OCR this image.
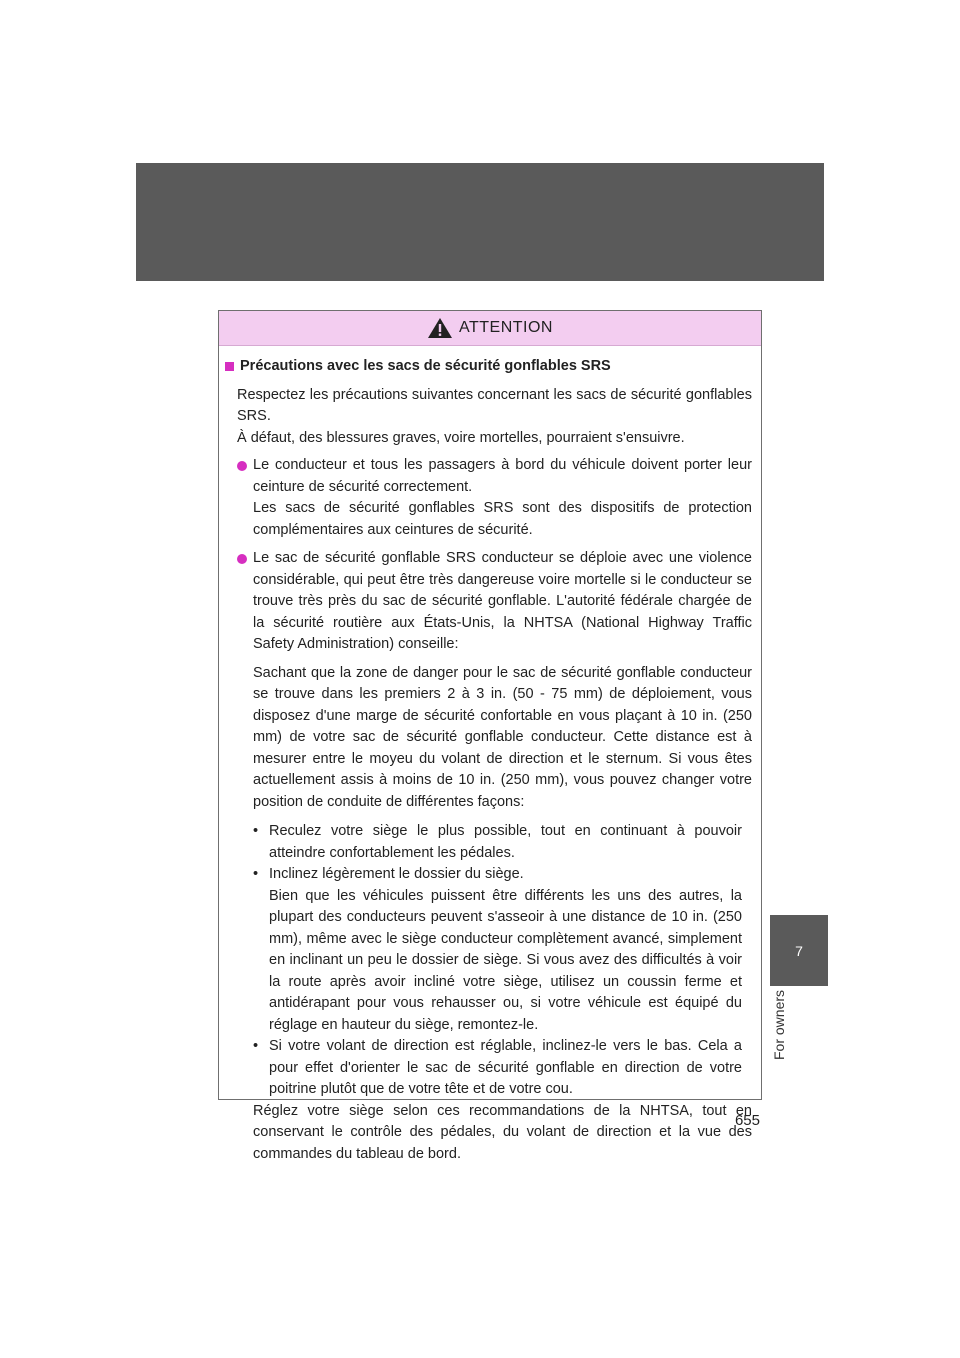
ATTENTION
Précautions avec les sacs de sécurité gonflables SRS

Respectez les précautions suivantes concernant les sacs de sécurité gonflables SRS.

À défaut, des blessures graves, voire mortelles, pourraient s'ensuivre.

Le conducteur et tous les passagers à bord du véhicule doivent porter leur ceinture de sécurité correctement.

Les sacs de sécurité gonflables SRS sont des dispositifs de protection complémentaires aux ceintures de sécurité.

Le sac de sécurité gonflable SRS conducteur se déploie avec une violence considérable, qui peut être très dangereuse voire mortelle si le conducteur se trouve très près du sac de sécurité gonflable. L'autorité fédérale chargée de la sécurité routière aux États-Unis, la NHTSA (National Highway Traffic Safety Administration) conseille:

Sachant que la zone de danger pour le sac de sécurité gonflable conducteur se trouve dans les premiers 2 à 3 in. (50 - 75 mm) de déploiement, vous disposez d'une marge de sécurité confortable en vous plaçant à 10 in. (250 mm) de votre sac de sécurité gonflable conducteur. Cette distance est à mesurer entre le moyeu du volant de direction et le sternum. Si vous êtes actuellement assis à moins de 10 in. (250 mm), vous pouvez changer votre position de conduite de différentes façons:
• Reculez votre siège le plus possible, tout en continuant à pouvoir atteindre confortablement les pédales.

• Inclinez légèrement le dossier du siège.

Bien que les véhicules puissent être différents les uns des autres, la plupart des conducteurs peuvent s'asseoir à une distance de 10 in. (250 mm), même avec le siège conducteur complètement avancé, simplement en inclinant un peu le dossier de siège. Si vous avez des difficultés à voir la route après avoir incliné votre siège, utilisez un coussin ferme et antidérapant pour vous rehausser ou, si votre véhicule est équipé du réglage en hauteur du siège, remontez-le.

• Si votre volant de direction est réglable, inclinez-le vers le bas. Cela a pour effet d'orienter le sac de sécurité gonflable en direction de votre poitrine plutôt que de votre tête et de votre cou.

Réglez votre siège selon ces recommandations de la NHTSA, tout en conservant le contrôle des pédales, du volant de direction et la vue des commandes du tableau de bord.
7
For owners
655
